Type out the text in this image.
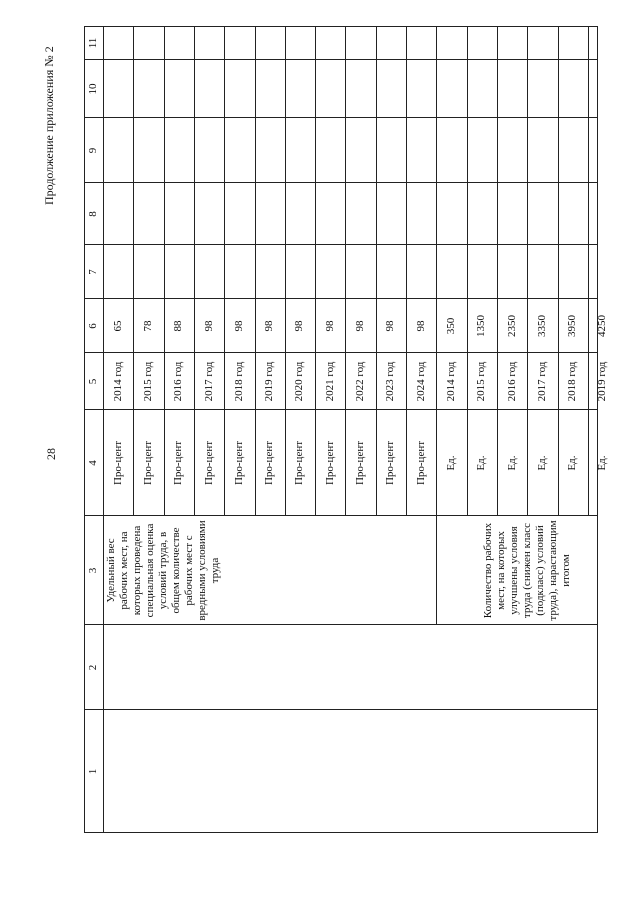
Продолжение приложения № 2
28
1
2
3
4
5
6
7
8
9
10
11
Удельный вес рабочих мест, на которых проведена специальная оценка условий труда, в общем количестве рабочих мест с вредными условиями труда
Про-цент
2014 год
65
Про-цент
2015 год
78
Про-цент
2016 год
88
Про-цент
2017 год
98
Про-цент
2018 год
98
Про-цент
2019 год
98
Про-цент
2020 год
98
Про-цент
2021 год
98
Про-цент
2022 год
98
Про-цент
2023 год
98
Про-цент
2024 год
98
Количество рабочих мест, на которых улучшены условия труда (снижен класс (подкласс) условий труда), нарастающим итогом
Ед.
2014 год
350
Ед.
2015 год
1350
Ед.
2016 год
2350
Ед.
2017 год
3350
Ед.
2018 год
3950
Ед.
2019 год
4250
